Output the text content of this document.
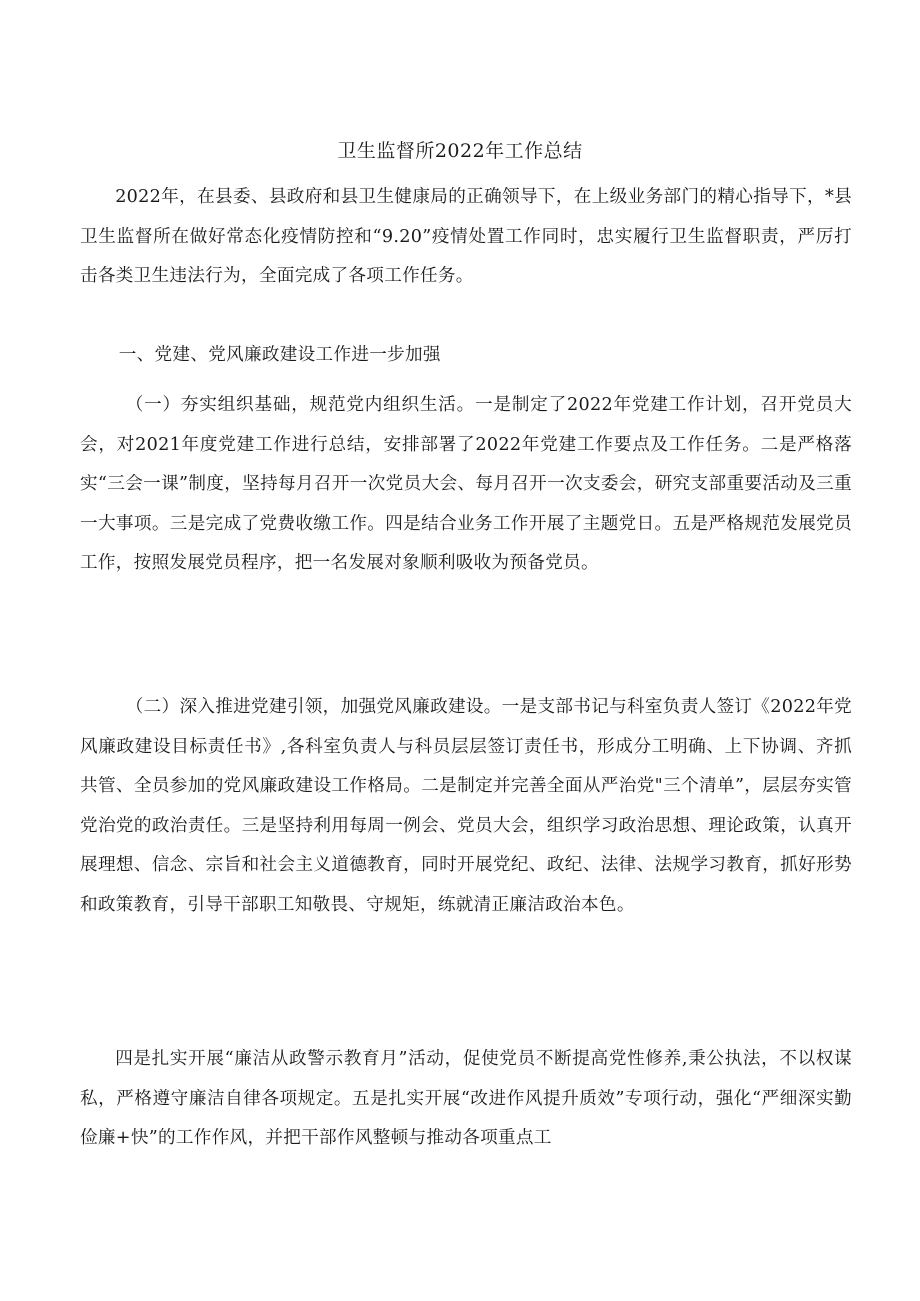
卫生监督所2022年工作总结
2022年，在县委、县政府和县卫生健康局的正确领导下，在上级业务部门的精心指导下，*县卫生监督所在做好常态化疫情防控和“9.20”疫情处置工作同时，忠实履行卫生监督职责，严厉打击各类卫生违法行为，全面完成了各项工作任务。
一、党建、党风廉政建设工作进一步加强
（一）夯实组织基础，规范党内组织生活。一是制定了2022年党建工作计划，召开党员大会，对2021年度党建工作进行总结，安排部署了2022年党建工作要点及工作任务。二是严格落实“三会一课”制度，坚持每月召开一次党员大会、每月召开一次支委会，研究支部重要活动及三重一大事项。三是完成了党费收缴工作。四是结合业务工作开展了主题党日。五是严格规范发展党员工作，按照发展党员程序，把一名发展对象顺利吸收为预备党员。
（二）深入推进党建引领，加强党风廉政建设。一是支部书记与科室负责人签订《2022年党风廉政建设目标责任书》,各科室负责人与科员层层签订责任书，形成分工明确、上下协调、齐抓共管、全员参加的党风廉政建设工作格局。二是制定并完善全面从严治党"三个清单”，层层夯实管党治党的政治责任。三是坚持利用每周一例会、党员大会，组织学习政治思想、理论政策，认真开展理想、信念、宗旨和社会主义道德教育，同时开展党纪、政纪、法律、法规学习教育，抓好形势和政策教育，引导干部职工知敬畏、守规矩，练就清正廉洁政治本色。
四是扎实开展“廉洁从政警示教育月”活动，促使党员不断提高党性修养,秉公执法，不以权谋私，严格遵守廉洁自律各项规定。五是扎实开展“改进作风提升质效”专项行动，强化“严细深实勤俭廉+快”的工作作风，并把干部作风整顿与推动各项重点工
